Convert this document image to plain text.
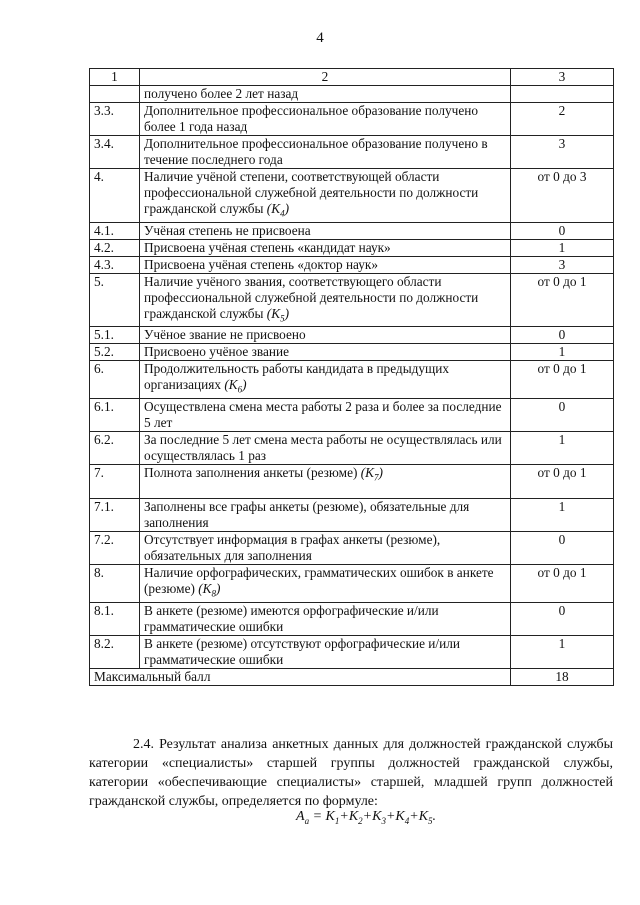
4
1	2	3
	получено более 2 лет назад	
3.3.	Дополнительное профессиональное образование получено более 1 года назад	2
3.4.	Дополнительное профессиональное образование получено в течение последнего года	3
4.	Наличие учёной степени, соответствующей области профессиональной служебной деятельности по должности гражданской службы $(K_4)$	от 0 до 3
4.1.	Учёная степень не присвоена	0
4.2.	Присвоена учёная степень «кандидат наук»	1
4.3.	Присвоена учёная степень «доктор наук»	3
5.	Наличие учёного звания, соответствующего области профессиональной служебной деятельности по должности гражданской службы $(K_5)$	от 0 до 1
5.1.	Учёное звание не присвоено	0
5.2.	Присвоено учёное звание	1
6.	Продолжительность работы кандидата в предыдущих организациях $(K_6)$	от 0 до 1
6.1.	Осуществлена смена места работы 2 раза и более за последние 5 лет	0
6.2.	За последние 5 лет смена места работы не осуществлялась или осуществлялась 1 раз	1
7.	Полнота заполнения анкеты (резюме) $(K_7)$	от 0 до 1
7.1.	Заполнены все графы анкеты (резюме), обязательные для заполнения	1
7.2.	Отсутствует информация в графах анкеты (резюме), обязательных для заполнения	0
8.	Наличие орфографических, грамматических ошибок в анкете (резюме) $(K_8)$	от 0 до 1
8.1.	В анкете (резюме) имеются орфографические и/или грамматические ошибки	0
8.2.	В анкете (резюме) отсутствуют орфографические и/или грамматические ошибки	1
Максимальный балл		18

2.4. Результат анализа анкетных данных для должностей гражданской службы категории «специалисты» старшей группы должностей гражданской службы, категории «обеспечивающие специалисты» старшей, младшей групп должностей гражданской службы, определяется по формуле:

$A_a = K_1+K_2+K_3+K_4+K_5$.
